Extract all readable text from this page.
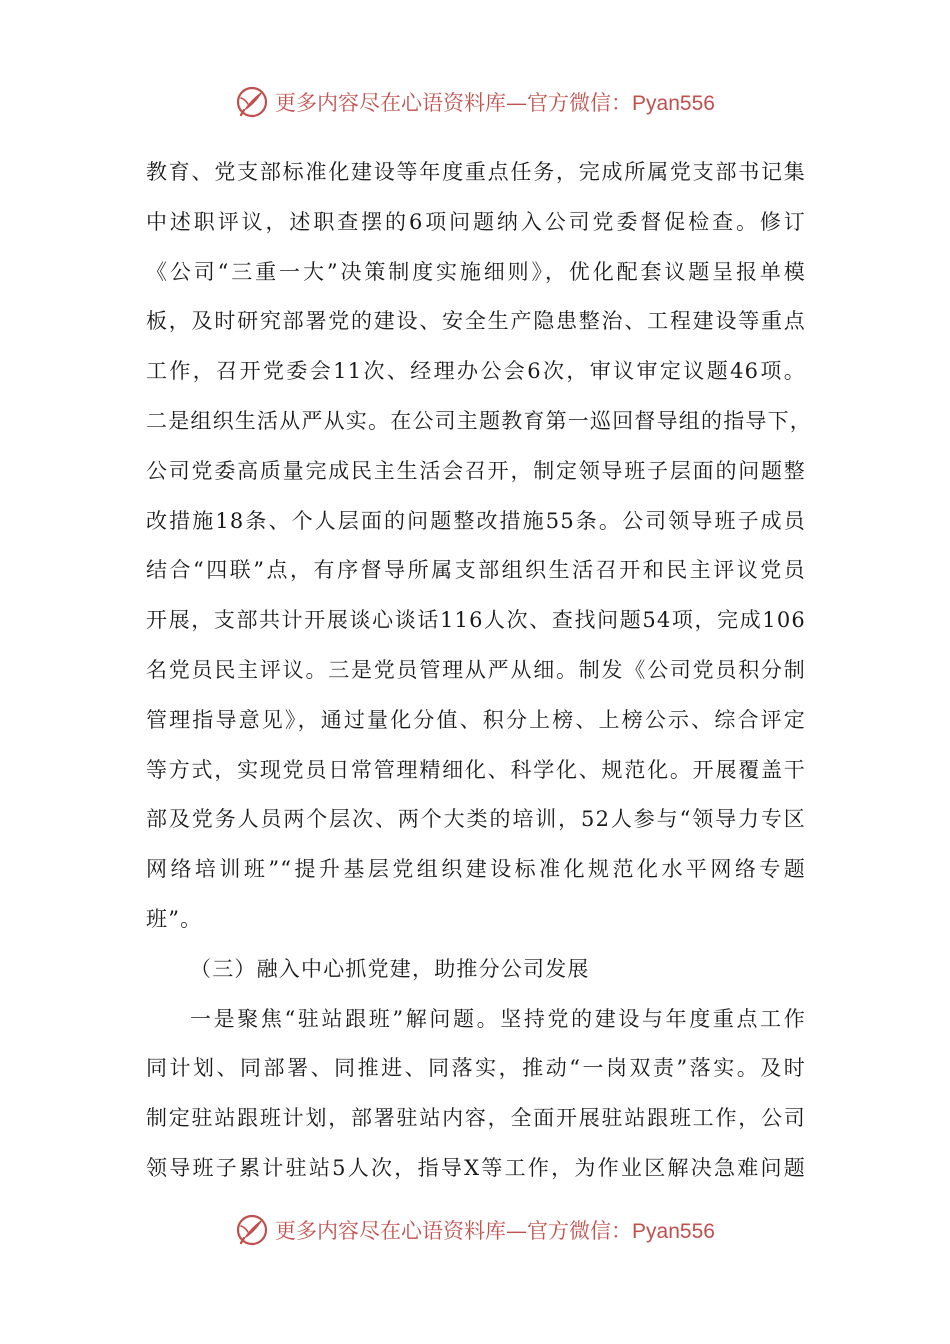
更多内容尽在心语资料库—官方微信：Pyan556
教育、党支部标准化建设等年度重点任务，完成所属党支部书记集
中述职评议，述职查摆的6项问题纳入公司党委督促检查。修订
《公司“三重一大”决策制度实施细则》，优化配套议题呈报单模
板，及时研究部署党的建设、安全生产隐患整治、工程建设等重点
工作，召开党委会11次、经理办公会6次，审议审定议题46项。
二是组织生活从严从实。在公司主题教育第一巡回督导组的指导下，
公司党委高质量完成民主生活会召开，制定领导班子层面的问题整
改措施18条、个人层面的问题整改措施55条。公司领导班子成员
结合“四联”点，有序督导所属支部组织生活召开和民主评议党员
开展，支部共计开展谈心谈话116人次、查找问题54项，完成106
名党员民主评议。三是党员管理从严从细。制发《公司党员积分制
管理指导意见》，通过量化分值、积分上榜、上榜公示、综合评定
等方式，实现党员日常管理精细化、科学化、规范化。开展覆盖干
部及党务人员两个层次、两个大类的培训，52人参与“领导力专区
网络培训班”“提升基层党组织建设标准化规范化水平网络专题
班”。
（三）融入中心抓党建，助推分公司发展
一是聚焦“驻站跟班”解问题。坚持党的建设与年度重点工作
同计划、同部署、同推进、同落实，推动“一岗双责”落实。及时
制定驻站跟班计划，部署驻站内容，全面开展驻站跟班工作，公司
领导班子累计驻站5人次，指导X等工作，为作业区解决急难问题
更多内容尽在心语资料库—官方微信：Pyan556
